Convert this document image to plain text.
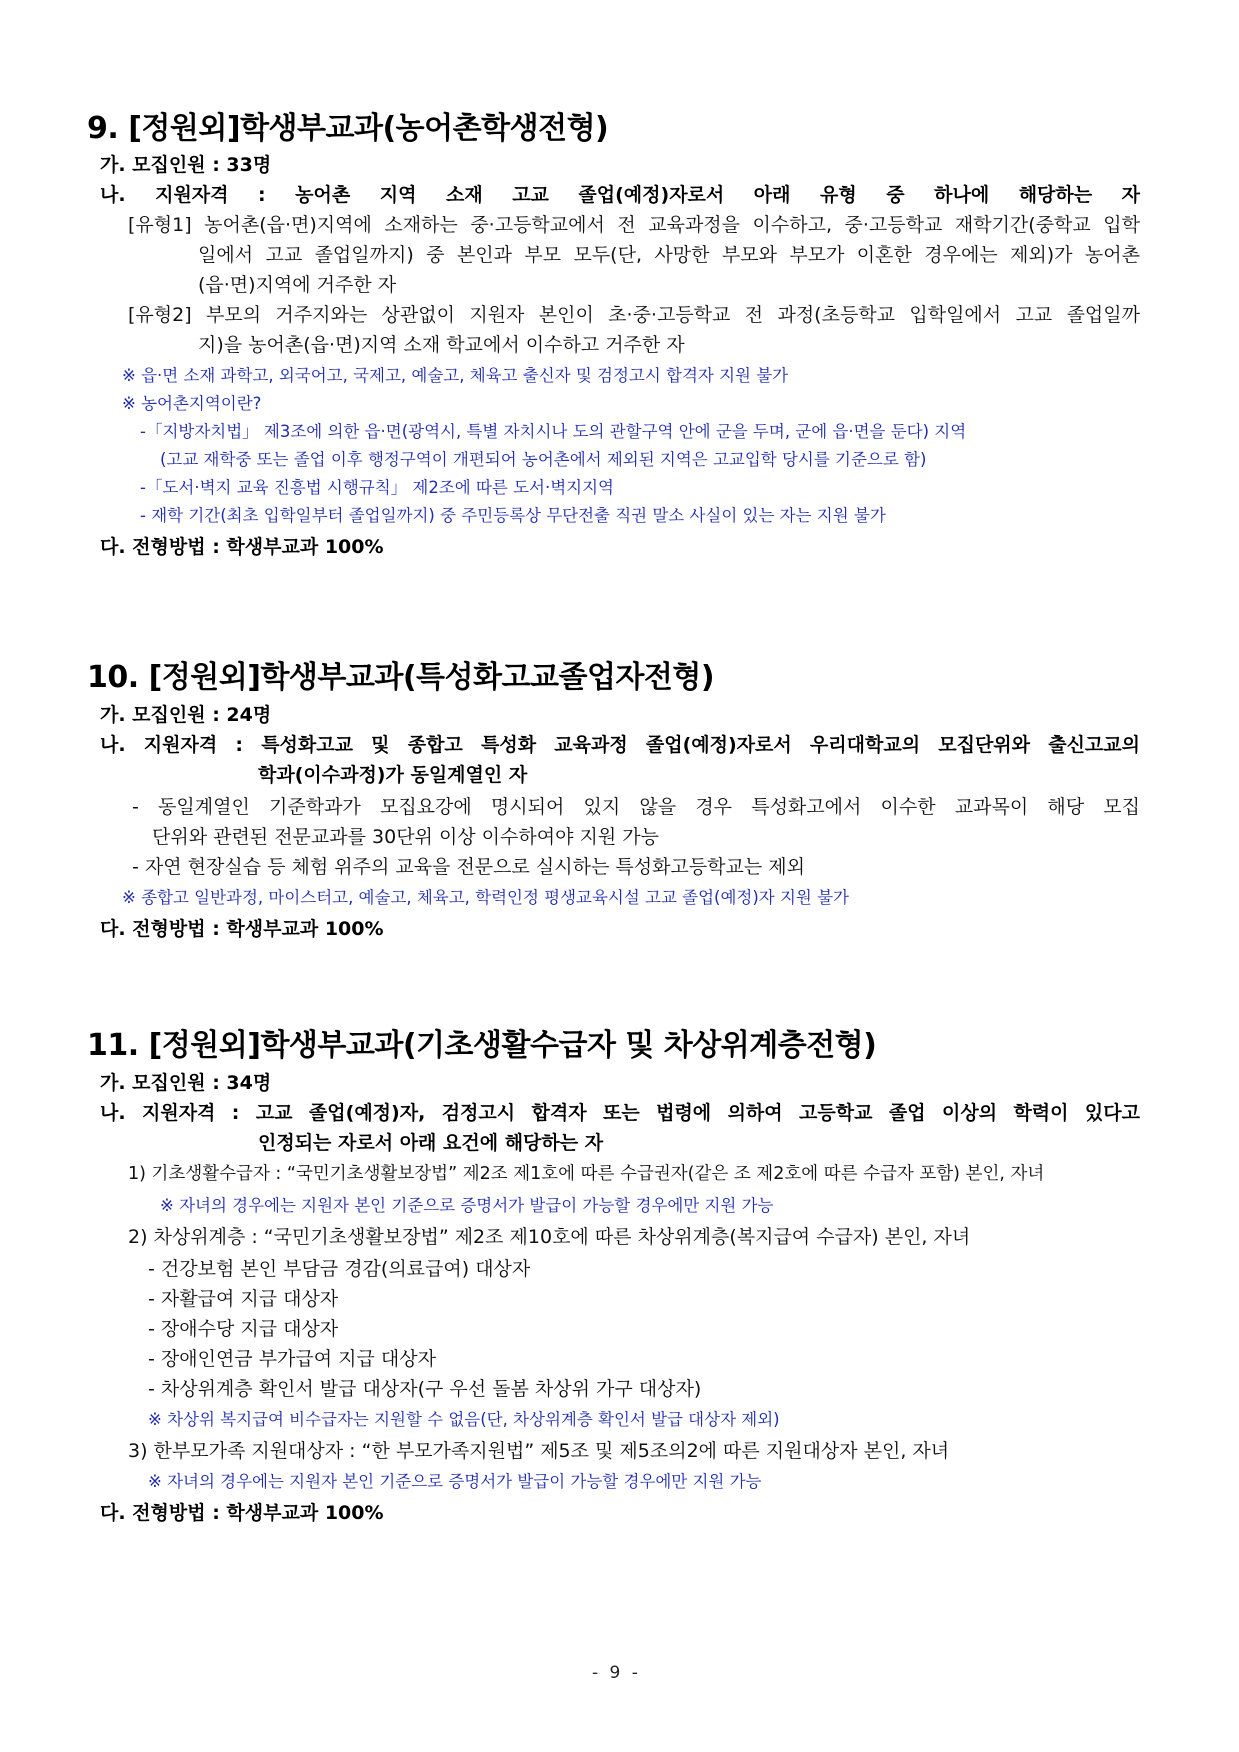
9. [정원외]학생부교과(농어촌학생전형)
가. 모집인원 : 33명
나. 지원자격 : 농어촌 지역 소재 고교 졸업(예정)자로서 아래 유형 중 하나에 해당하는 자
[유형1] 농어촌(읍·면)지역에 소재하는 중·고등학교에서 전 교육과정을 이수하고, 중·고등학교 재학기간(중학교 입학
일에서 고교 졸업일까지) 중 본인과 부모 모두(단, 사망한 부모와 부모가 이혼한 경우에는 제외)가 농어촌
(읍·면)지역에 거주한 자
[유형2] 부모의 거주지와는 상관없이 지원자 본인이 초·중·고등학교 전 과정(초등학교 입학일에서 고교 졸업일까
지)을 농어촌(읍·면)지역 소재 학교에서 이수하고 거주한 자
※ 읍·면 소재 과학고, 외국어고, 국제고, 예술고, 체육고 출신자 및 검정고시 합격자 지원 불가
※ 농어촌지역이란?
-「지방자치법」 제3조에 의한 읍·면(광역시, 특별 자치시나 도의 관할구역 안에 군을 두며, 군에 읍·면을 둔다) 지역
(고교 재학중 또는 졸업 이후 행정구역이 개편되어 농어촌에서 제외된 지역은 고교입학 당시를 기준으로 함)
-「도서·벽지 교육 진흥법 시행규칙」 제2조에 따른 도서·벽지지역
- 재학 기간(최초 입학일부터 졸업일까지) 중 주민등록상 무단전출 직권 말소 사실이 있는 자는 지원 불가
다. 전형방법 : 학생부교과 100%
10. [정원외]학생부교과(특성화고교졸업자전형)
가. 모집인원 : 24명
나. 지원자격 : 특성화고교 및 종합고 특성화 교육과정 졸업(예정)자로서 우리대학교의 모집단위와 출신고교의
학과(이수과정)가 동일계열인 자
- 동일계열인 기준학과가 모집요강에 명시되어 있지 않을 경우 특성화고에서 이수한 교과목이 해당 모집
단위와 관련된 전문교과를 30단위 이상 이수하여야 지원 가능
- 자연 현장실습 등 체험 위주의 교육을 전문으로 실시하는 특성화고등학교는 제외
※ 종합고 일반과정, 마이스터고, 예술고, 체육고, 학력인정 평생교육시설 고교 졸업(예정)자 지원 불가
다. 전형방법 : 학생부교과 100%
11. [정원외]학생부교과(기초생활수급자 및 차상위계층전형)
가. 모집인원 : 34명
나. 지원자격 : 고교 졸업(예정)자, 검정고시 합격자 또는 법령에 의하여 고등학교 졸업 이상의 학력이 있다고
인정되는 자로서 아래 요건에 해당하는 자
1) 기초생활수급자 : “국민기초생활보장법” 제2조 제1호에 따른 수급권자(같은 조 제2호에 따른 수급자 포함) 본인, 자녀
※ 자녀의 경우에는 지원자 본인 기준으로 증명서가 발급이 가능할 경우에만 지원 가능
2) 차상위계층 : “국민기초생활보장법” 제2조 제10호에 따른 차상위계층(복지급여 수급자) 본인, 자녀
- 건강보험 본인 부담금 경감(의료급여) 대상자
- 자활급여 지급 대상자
- 장애수당 지급 대상자
- 장애인연금 부가급여 지급 대상자
- 차상위계층 확인서 발급 대상자(구 우선 돌봄 차상위 가구 대상자)
※ 차상위 복지급여 비수급자는 지원할 수 없음(단, 차상위계층 확인서 발급 대상자 제외)
3) 한부모가족 지원대상자 : “한 부모가족지원법” 제5조 및 제5조의2에 따른 지원대상자 본인, 자녀
※ 자녀의 경우에는 지원자 본인 기준으로 증명서가 발급이 가능할 경우에만 지원 가능
다. 전형방법 : 학생부교과 100%
- 9 -
